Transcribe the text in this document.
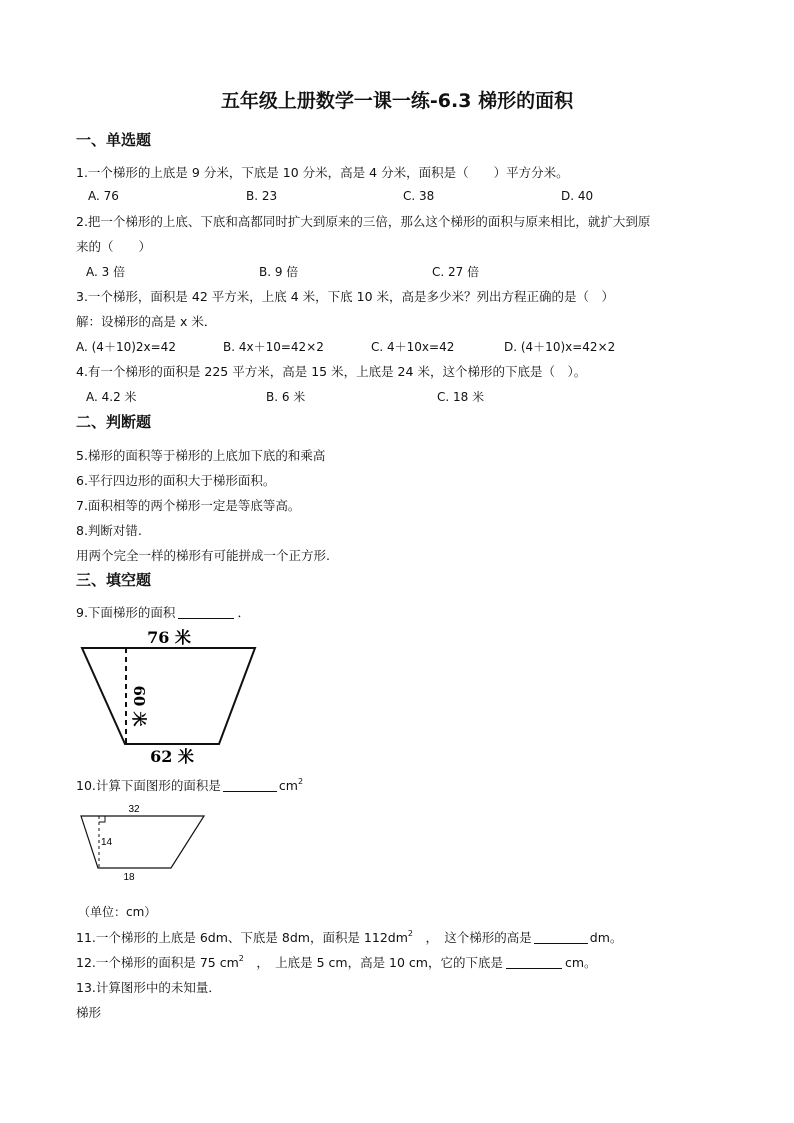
五年级上册数学一课一练-6.3 梯形的面积
一、单选题
1.一个梯形的上底是 9 分米，下底是 10 分米，高是 4 分米，面积是（　　）平方分米。
A. 76	B. 23	C. 38	D. 40
2.把一个梯形的上底、下底和高都同时扩大到原来的三倍，那么这个梯形的面积与原来相比，就扩大到原
来的（　　）
A. 3 倍	B. 9 倍	C. 27 倍
3.一个梯形，面积是 42 平方米，上底 4 米，下底 10 米，高是多少米？列出方程正确的是（　）
解：设梯形的高是 x 米．
A. (4＋10)2x=42	B. 4x＋10=42×2	C. 4＋10x=42	D. (4＋10)x=42×2
4.有一个梯形的面积是 225 平方米，高是 15 米，上底是 24 米，这个梯形的下底是（　）。
A. 4.2 米	B. 6 米	C. 18 米
二、判断题
5.梯形的面积等于梯形的上底加下底的和乘高
6.平行四边形的面积大于梯形面积。
7.面积相等的两个梯形一定是等底等高。
8.判断对错.
用两个完全一样的梯形有可能拼成一个正方形.
三、填空题
9.下面梯形的面积	．
76 米
62 米
60 米
10.计算下面图形的面积是	$cm^2$
32
14
18
（单位：cm）
11.一个梯形的上底是 6dm、下底是 8dm，面积是 $112dm^2$　，　这个梯形的高是	dm。
12.一个梯形的面积是 75 $cm^2$　，　上底是 5 cm，高是 10 cm，它的下底是	cm。
13.计算图形中的未知量．
梯形
